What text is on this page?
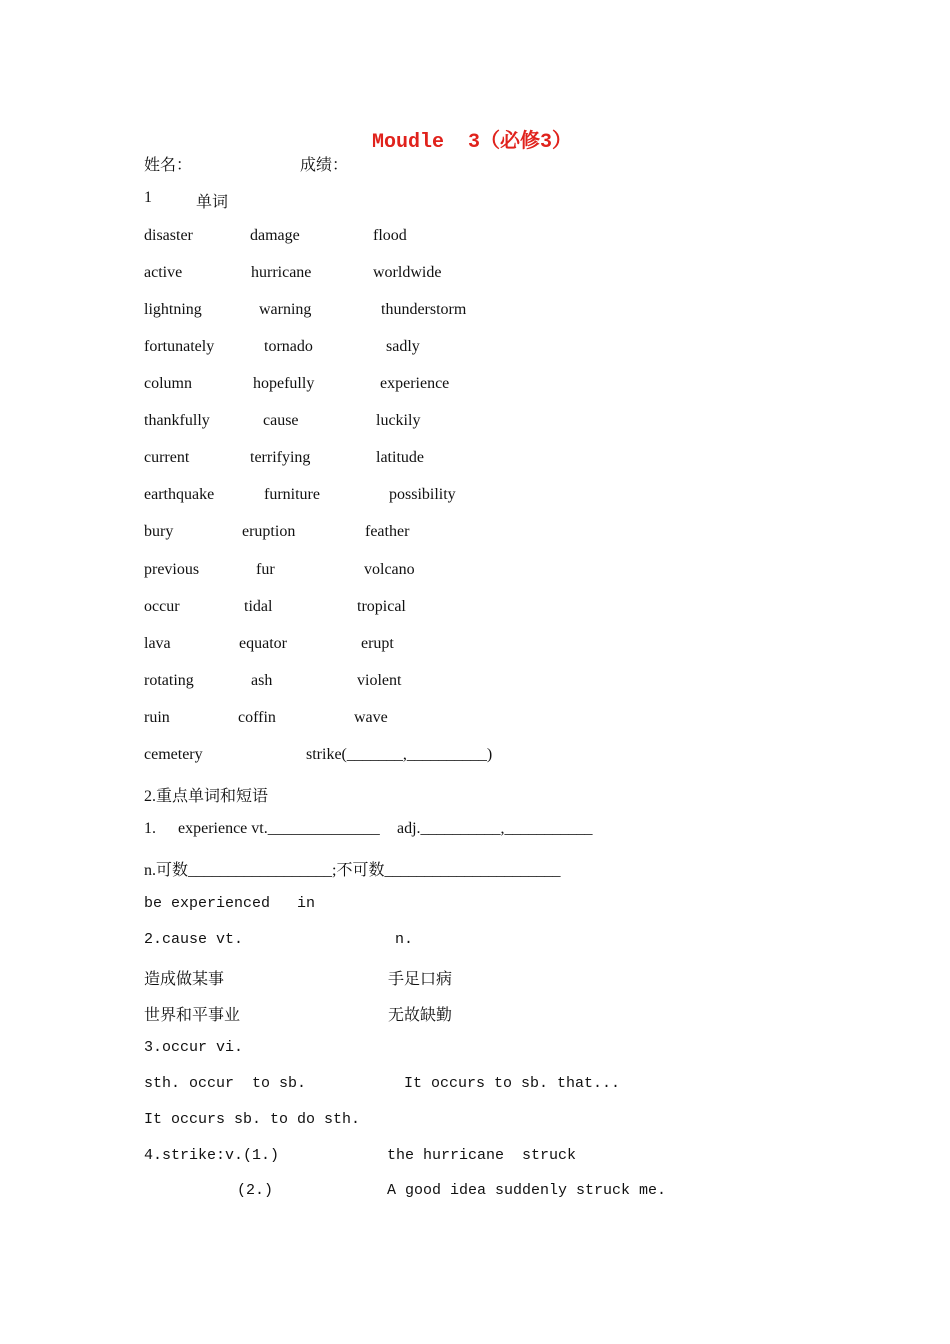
Moudle  3（必修3）
姓名：	成绩：
1	单词
disaster	damage	flood
active	hurricane	worldwide
lightning	warning	thunderstorm
fortunately	tornado	sadly
column	hopefully	experience
thankfully	cause	luckily
current	terrifying	latitude
earthquake	furniture	possibility
bury	eruption	feather
previous	fur	volcano
occur	tidal	tropical
lava	equator	erupt
rotating	ash	violent
ruin	coffin	wave
cemetery	strike(_______,__________)
2.重点单词和短语
1. experience vt.______________ adj.__________,___________
n.可数__________________;不可数______________________
be experienced   in
2.cause vt.	n.
造成做某事	手足口病
世界和平事业	无故缺勤
3.occur vi.
sth. occur  to sb.	It occurs to sb. that...
It occurs sb. to do sth.
4.strike:v.(1.)	the hurricane  struck
(2.)	A good idea suddenly struck me.
